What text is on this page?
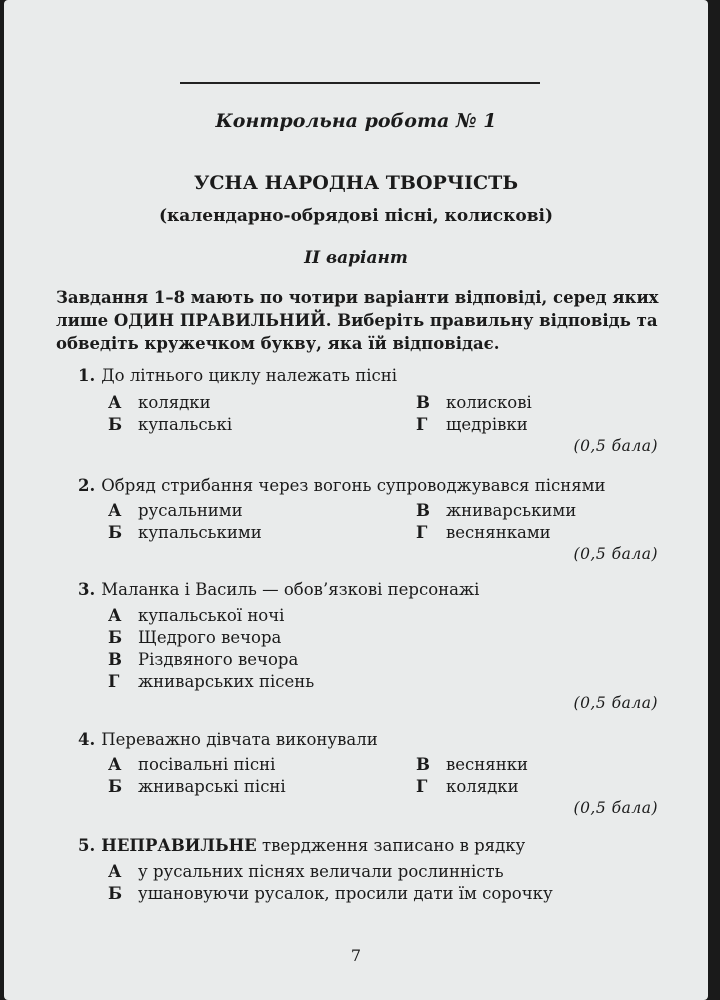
Контрольна робота № 1
УСНА НАРОДНА ТВОРЧІСТЬ
(календарно-обрядові пісні, колискові)
II варіант

Завдання 1–8 мають по чотири варіанти відповіді, серед яких

лише ОДИН ПРАВИЛЬНИЙ. Виберіть правильну відповідь та

обведіть кружечком букву, яка їй відповідає.

1. До літнього циклу належать пісні
А колядки
Б купальські
В колискові
Г щедрівки
(0,5 бала)
2. Обряд стрибання через вогонь супроводжувався піснями
А русальними
Б купальськими
В жниварськими
Г веснянками
(0,5 бала)
3. Маланка і Василь — обов’язкові персонажі
А купальської ночі
Б Щедрого вечора
В Різдвяного вечора
Г жниварських пісень
(0,5 бала)
4. Переважно дівчата виконували
А посівальні пісні
Б жниварські пісні
В веснянки
Г колядки
(0,5 бала)
5. НЕПРАВИЛЬНЕ твердження записано в рядку
А у русальних піснях величали рослинність
Б ушановуючи русалок, просили дати їм сорочку
7
